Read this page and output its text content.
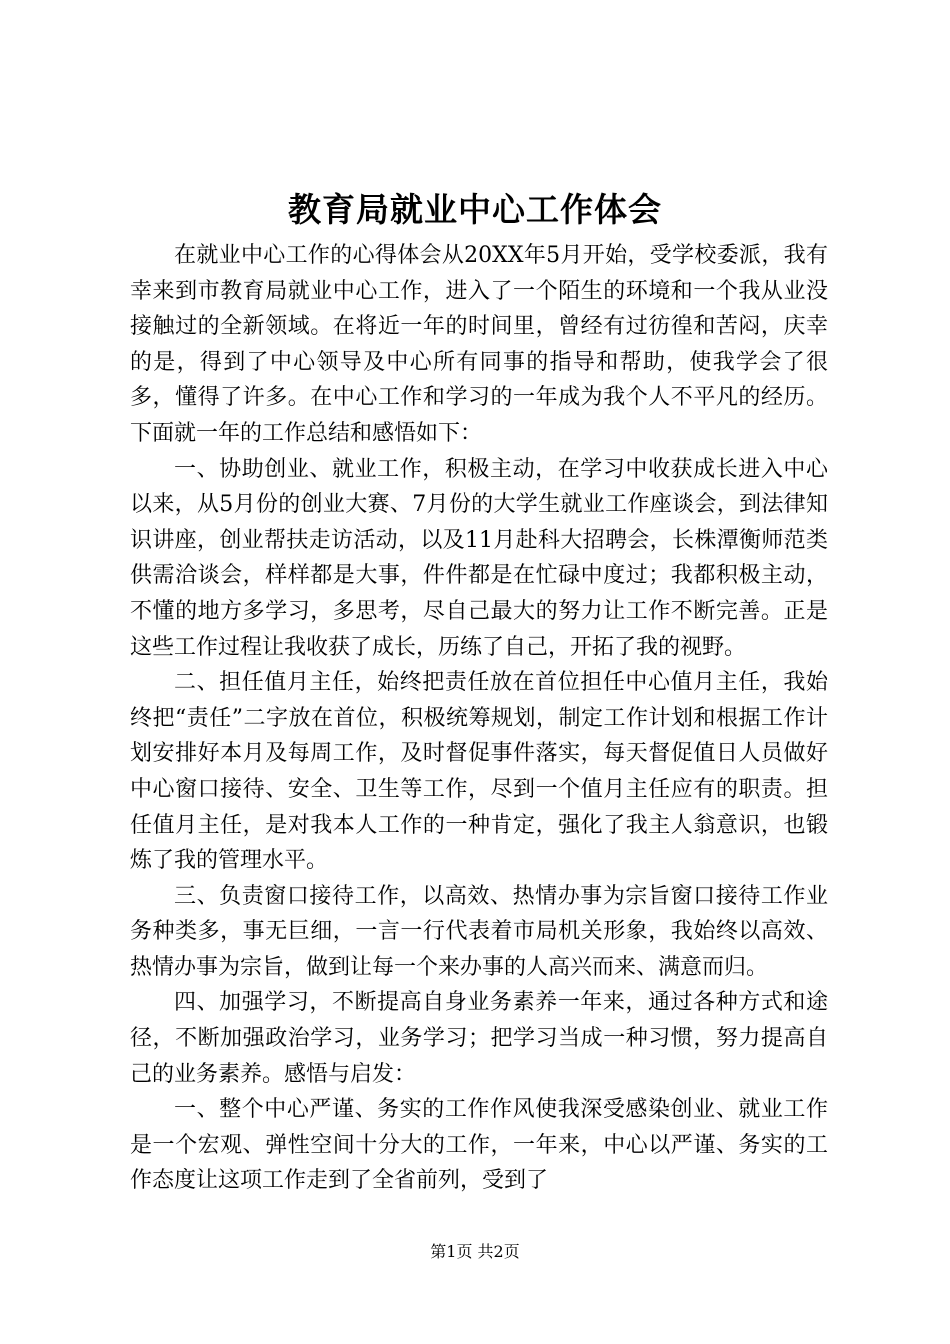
教育局就业中心工作体会

在就业中心工作的心得体会从20XX年5月开始，受学校委派，我有幸来到市教育局就业中心工作，进入了一个陌生的环境和一个我从业没接触过的全新领域。在将近一年的时间里，曾经有过彷徨和苦闷，庆幸的是，得到了中心领导及中心所有同事的指导和帮助，使我学会了很多，懂得了许多。在中心工作和学习的一年成为我个人不平凡的经历。下面就一年的工作总结和感悟如下：

一、协助创业、就业工作，积极主动，在学习中收获成长进入中心以来，从5月份的创业大赛、7月份的大学生就业工作座谈会，到法律知识讲座，创业帮扶走访活动，以及11月赴科大招聘会，长株潭衡师范类供需洽谈会，样样都是大事，件件都是在忙碌中度过；我都积极主动，不懂的地方多学习，多思考，尽自己最大的努力让工作不断完善。正是这些工作过程让我收获了成长，历练了自己，开拓了我的视野。

二、担任值月主任，始终把责任放在首位担任中心值月主任，我始终把“责任”二字放在首位，积极统筹规划，制定工作计划和根据工作计划安排好本月及每周工作，及时督促事件落实，每天督促值日人员做好中心窗口接待、安全、卫生等工作，尽到一个值月主任应有的职责。担任值月主任，是对我本人工作的一种肯定，强化了我主人翁意识，也锻炼了我的管理水平。

三、负责窗口接待工作，以高效、热情办事为宗旨窗口接待工作业务种类多，事无巨细，一言一行代表着市局机关形象，我始终以高效、热情办事为宗旨，做到让每一个来办事的人高兴而来、满意而归。

四、加强学习，不断提高自身业务素养一年来，通过各种方式和途径，不断加强政治学习，业务学习；把学习当成一种习惯，努力提高自己的业务素养。感悟与启发：

一、整个中心严谨、务实的工作作风使我深受感染创业、就业工作是一个宏观、弹性空间十分大的工作，一年来，中心以严谨、务实的工作态度让这项工作走到了全省前列，受到了

第1页 共2页
